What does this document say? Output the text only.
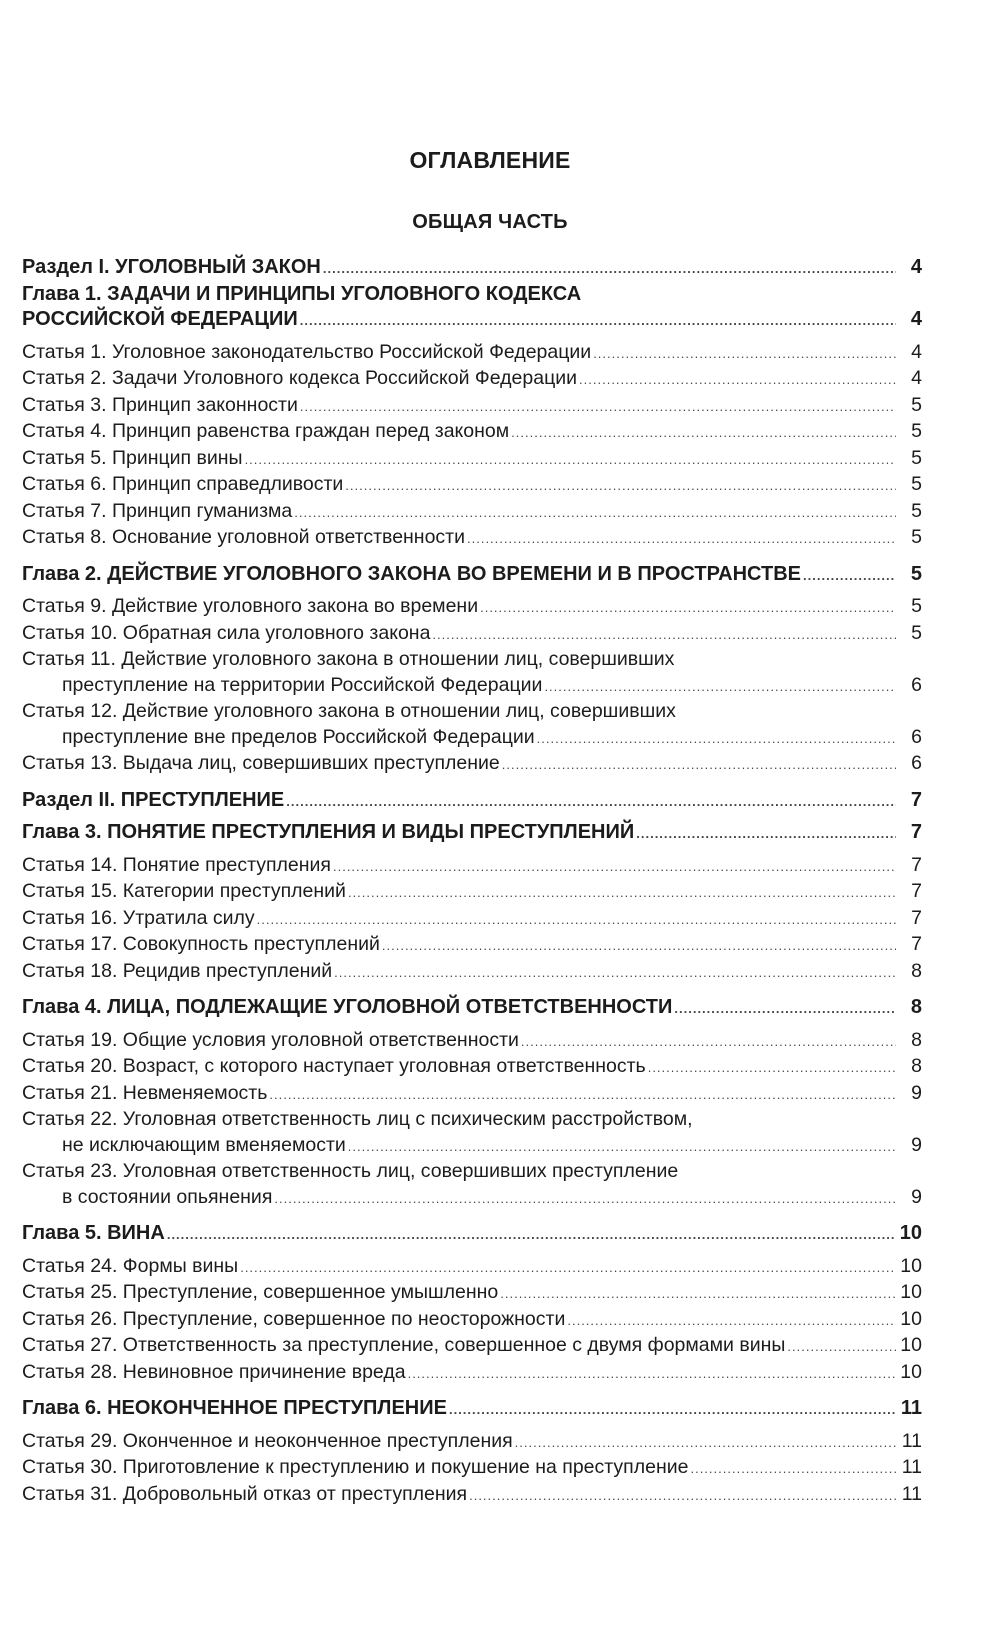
ОГЛАВЛЕНИЕ
ОБЩАЯ ЧАСТЬ
Раздел I. УГОЛОВНЫЙ ЗАКОН .....	4
Глава 1. ЗАДАЧИ И ПРИНЦИПЫ УГОЛОВНОГО КОДЕКСА
РОССИЙСКОЙ ФЕДЕРАЦИИ .....	4
Статья 1. Уголовное законодательство Российской Федерации .....	4
Статья 2. Задачи Уголовного кодекса Российской Федерации .....	4
Статья 3. Принцип законности .....	5
Статья 4. Принцип равенства граждан перед законом .....	5
Статья 5. Принцип вины .....	5
Статья 6. Принцип справедливости .....	5
Статья 7. Принцип гуманизма .....	5
Статья 8. Основание уголовной ответственности .....	5
Глава 2. ДЕЙСТВИЕ УГОЛОВНОГО ЗАКОНА ВО ВРЕМЕНИ И В ПРОСТРАНСТВЕ .....	5
Статья 9. Действие уголовного закона во времени .....	5
Статья 10. Обратная сила уголовного закона .....	5
Статья 11. Действие уголовного закона в отношении лиц, совершивших
преступление на территории Российской Федерации .....	6
Статья 12. Действие уголовного закона в отношении лиц, совершивших
преступление вне пределов Российской Федерации .....	6
Статья 13. Выдача лиц, совершивших преступление .....	6
Раздел II. ПРЕСТУПЛЕНИЕ .....	7
Глава 3. ПОНЯТИЕ ПРЕСТУПЛЕНИЯ И ВИДЫ ПРЕСТУПЛЕНИЙ .....	7
Статья 14. Понятие преступления .....	7
Статья 15. Категории преступлений .....	7
Статья 16. Утратила силу .....	7
Статья 17. Совокупность преступлений .....	7
Статья 18. Рецидив преступлений .....	8
Глава 4. ЛИЦА, ПОДЛЕЖАЩИЕ УГОЛОВНОЙ ОТВЕТСТВЕННОСТИ .....	8
Статья 19. Общие условия уголовной ответственности .....	8
Статья 20. Возраст, с которого наступает уголовная ответственность .....	8
Статья 21. Невменяемость .....	9
Статья 22. Уголовная ответственность лиц с психическим расстройством,
не исключающим вменяемости .....	9
Статья 23. Уголовная ответственность лиц, совершивших преступление
в состоянии опьянения .....	9
Глава 5. ВИНА .....	10
Статья 24. Формы вины .....	10
Статья 25. Преступление, совершенное умышленно .....	10
Статья 26. Преступление, совершенное по неосторожности .....	10
Статья 27. Ответственность за преступление, совершенное с двумя формами вины .....	10
Статья 28. Невиновное причинение вреда .....	10
Глава 6. НЕОКОНЧЕННОЕ ПРЕСТУПЛЕНИЕ .....	11
Статья 29. Оконченное и неоконченное преступления .....	11
Статья 30. Приготовление к преступлению и покушение на преступление .....	11
Статья 31. Добровольный отказ от преступления .....	11
